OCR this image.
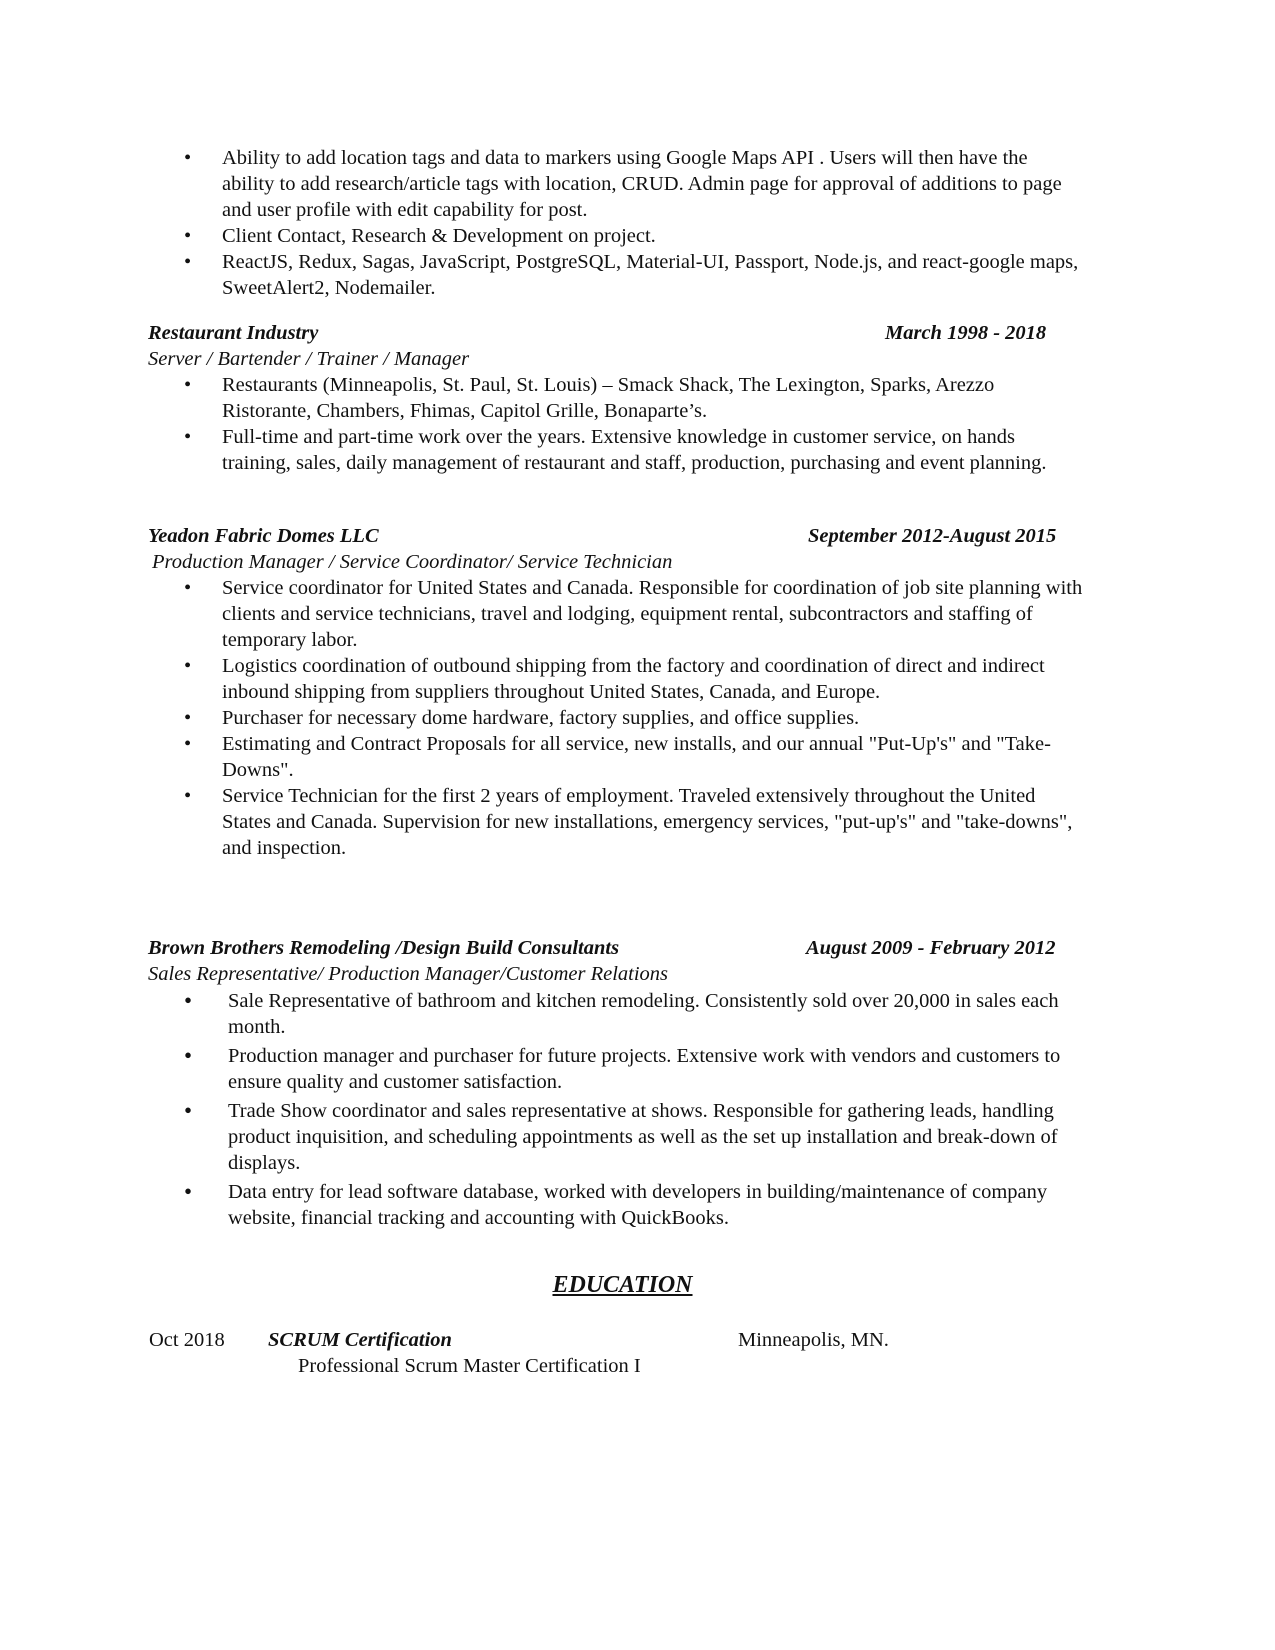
• Ability to add location tags and data to markers using Google Maps API . Users will then have the ability to add research/article tags with location, CRUD. Admin page for approval of additions to page and user profile with edit capability for post.
• Client Contact, Research & Development on project.
• ReactJS, Redux, Sagas, JavaScript, PostgreSQL, Material-UI, Passport, Node.js, and react-google maps, SweetAlert2, Nodemailer.
Restaurant Industry	March 1998 - 2018
Server / Bartender / Trainer / Manager
• Restaurants (Minneapolis, St. Paul, St. Louis) – Smack Shack, The Lexington, Sparks, Arezzo Ristorante, Chambers, Fhimas, Capitol Grille, Bonaparte’s.
• Full-time and part-time work over the years. Extensive knowledge in customer service, on hands training, sales, daily management of restaurant and staff, production, purchasing and event planning.
Yeadon Fabric Domes LLC	September 2012-August 2015
Production Manager / Service Coordinator/ Service Technician
• Service coordinator for United States and Canada. Responsible for coordination of job site planning with clients and service technicians, travel and lodging, equipment rental, subcontractors and staffing of temporary labor.
• Logistics coordination of outbound shipping from the factory and coordination of direct and indirect inbound shipping from suppliers throughout United States, Canada, and Europe.
• Purchaser for necessary dome hardware, factory supplies, and office supplies.
• Estimating and Contract Proposals for all service, new installs, and our annual "Put-Up's" and "Take-Downs".
• Service Technician for the first 2 years of employment. Traveled extensively throughout the United States and Canada. Supervision for new installations, emergency services, "put-up's" and "take-downs", and inspection.
Brown Brothers Remodeling /Design Build Consultants	August 2009 - February 2012
Sales Representative/ Production Manager/Customer Relations
• Sale Representative of bathroom and kitchen remodeling. Consistently sold over 20,000 in sales each month.
• Production manager and purchaser for future projects. Extensive work with vendors and customers to ensure quality and customer satisfaction.
• Trade Show coordinator and sales representative at shows. Responsible for gathering leads, handling product inquisition, and scheduling appointments as well as the set up installation and break-down of displays.
• Data entry for lead software database, worked with developers in building/maintenance of company website, financial tracking and accounting with QuickBooks.
EDUCATION
Oct 2018 SCRUM Certification	Minneapolis, MN.
Professional Scrum Master Certification I
